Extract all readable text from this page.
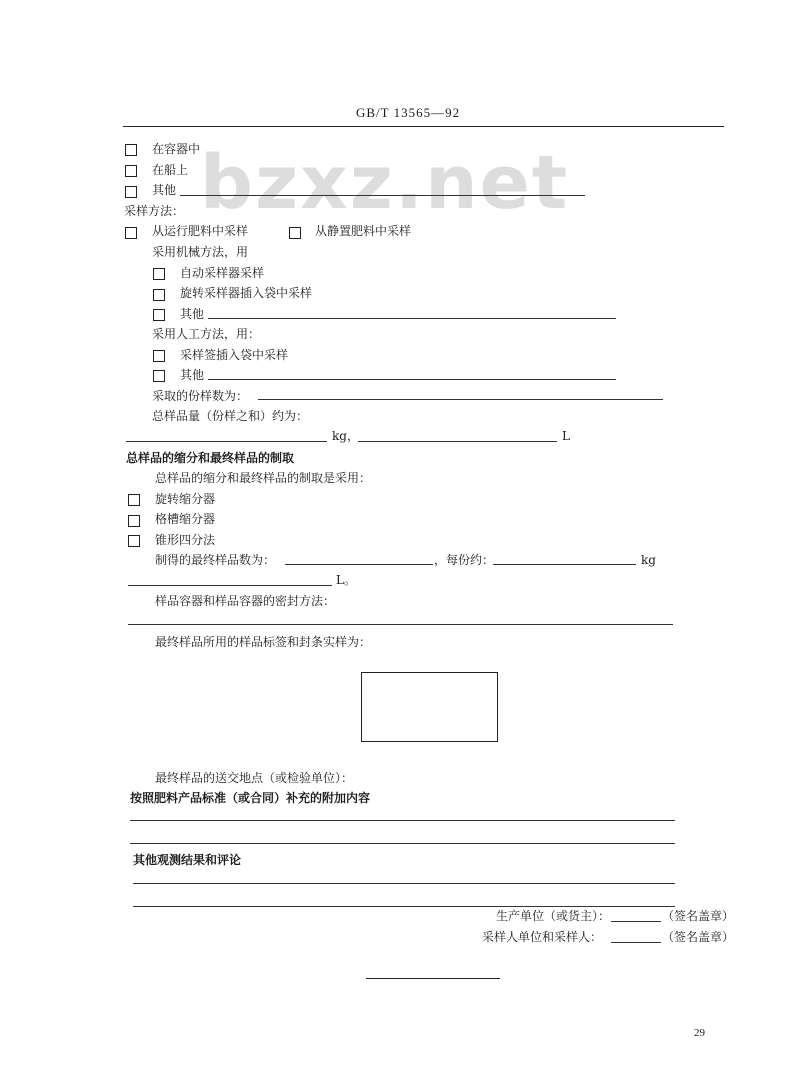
GB/T 13565—92
bzxz.net
在容器中
在船上
其他
采样方法：
从运行肥料中采样	从静置肥料中采样
采用机械方法，用
自动采样器采样
旋转采样器插入袋中采样
其他
采用人工方法，用：
采样签插入袋中采样
其他
采取的份样数为：
总样品量（份样之和）约为：
kg，	L
总样品的缩分和最终样品的制取
总样品的缩分和最终样品的制取是采用：
旋转缩分器
格槽缩分器
锥形四分法
制得的最终样品数为：	，每份约：	kg
L。
样品容器和样品容器的密封方法：
最终样品所用的样品标签和封条实样为：
最终样品的送交地点（或检验单位）：
按照肥料产品标准（或合同）补充的附加内容
其他观测结果和评论
生产单位（或货主）：	（签名盖章）
采样人单位和采样人：	（签名盖章）
29
